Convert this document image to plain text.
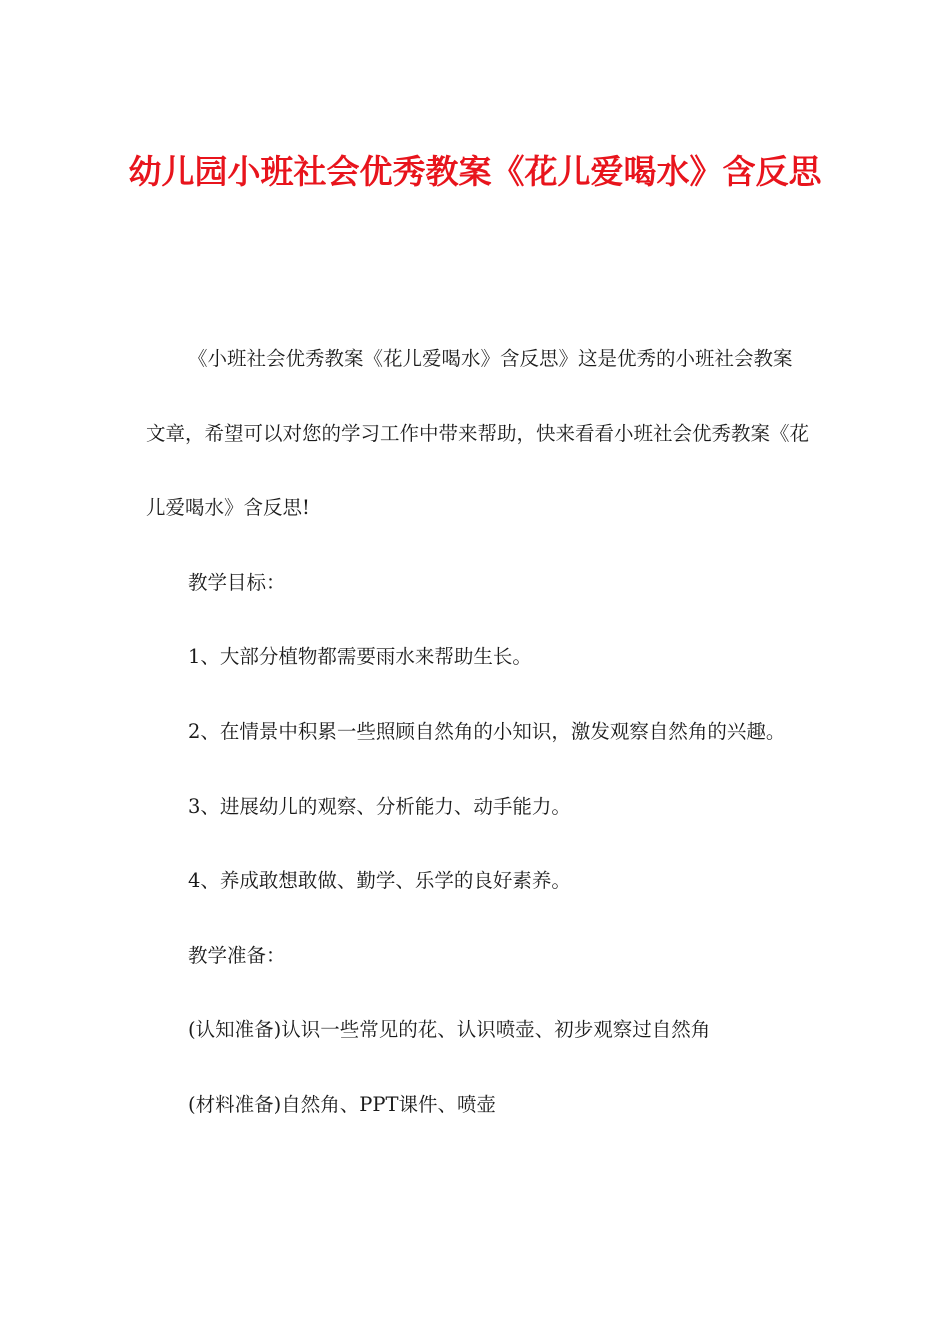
幼儿园小班社会优秀教案《花儿爱喝水》含反思

《小班社会优秀教案《花儿爱喝水》含反思》这是优秀的小班社会教案文章，希望可以对您的学习工作中带来帮助，快来看看小班社会优秀教案《花儿爱喝水》含反思!

教学目标：

1、大部分植物都需要雨水来帮助生长。

2、在情景中积累一些照顾自然角的小知识，激发观察自然角的兴趣。

3、进展幼儿的观察、分析能力、动手能力。

4、养成敢想敢做、勤学、乐学的良好素养。

教学准备：

(认知准备)认识一些常见的花、认识喷壶、初步观察过自然角

(材料准备)自然角、PPT课件、喷壶
